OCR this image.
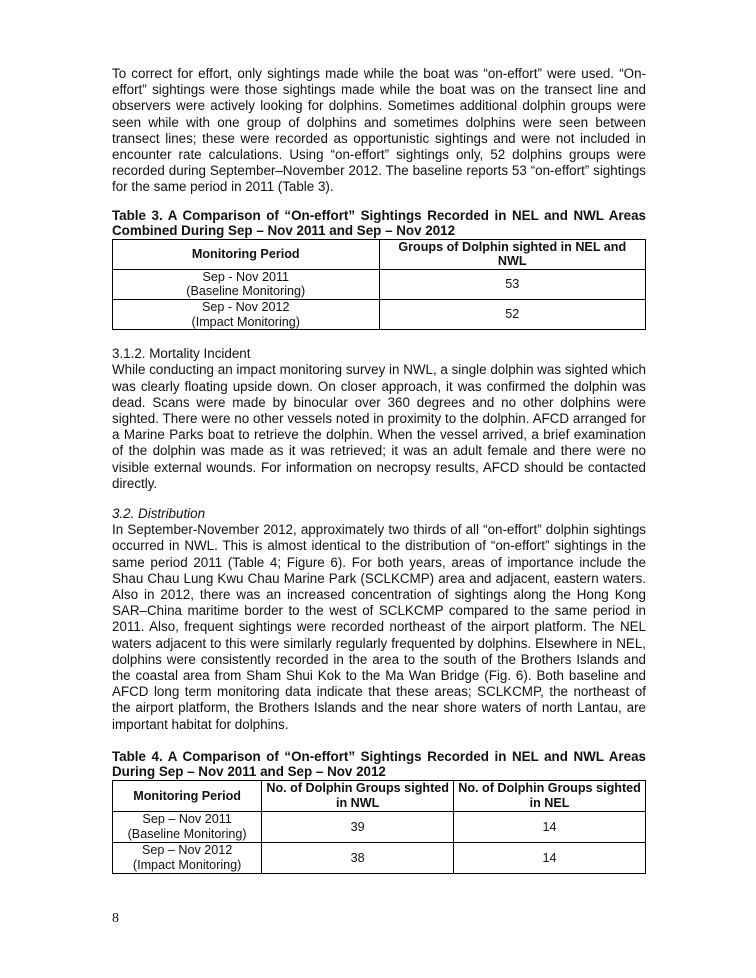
To correct for effort, only sightings made while the boat was “on-effort” were used. “On-effort” sightings were those sightings made while the boat was on the transect line and observers were actively looking for dolphins. Sometimes additional dolphin groups were seen while with one group of dolphins and sometimes dolphins were seen between transect lines; these were recorded as opportunistic sightings and were not included in encounter rate calculations. Using “on-effort” sightings only, 52 dolphins groups were recorded during September–November 2012. The baseline reports 53 “on-effort” sightings for the same period in 2011 (Table 3).

Table 3. A Comparison of “On-effort” Sightings Recorded in NEL and NWL Areas Combined During Sep – Nov 2011 and Sep – Nov 2012

Monitoring Period	Groups of Dolphin sighted in NEL and NWL

Sep - Nov 2011
(Baseline Monitoring)	53

Sep - Nov 2012
(Impact Monitoring)	52

3.1.2. Mortality Incident

While conducting an impact monitoring survey in NWL, a single dolphin was sighted which was clearly floating upside down. On closer approach, it was confirmed the dolphin was dead. Scans were made by binocular over 360 degrees and no other dolphins were sighted. There were no other vessels noted in proximity to the dolphin. AFCD arranged for a Marine Parks boat to retrieve the dolphin. When the vessel arrived, a brief examination of the dolphin was made as it was retrieved; it was an adult female and there were no visible external wounds. For information on necropsy results, AFCD should be contacted directly.

3.2. Distribution

In September-November 2012, approximately two thirds of all “on-effort” dolphin sightings occurred in NWL. This is almost identical to the distribution of “on-effort” sightings in the same period 2011 (Table 4; Figure 6). For both years, areas of importance include the Shau Chau Lung Kwu Chau Marine Park (SCLKCMP) area and adjacent, eastern waters. Also in 2012, there was an increased concentration of sightings along the Hong Kong SAR–China maritime border to the west of SCLKCMP compared to the same period in 2011. Also, frequent sightings were recorded northeast of the airport platform. The NEL waters adjacent to this were similarly regularly frequented by dolphins. Elsewhere in NEL, dolphins were consistently recorded in the area to the south of the Brothers Islands and the coastal area from Sham Shui Kok to the Ma Wan Bridge (Fig. 6). Both baseline and AFCD long term monitoring data indicate that these areas; SCLKCMP, the northeast of the airport platform, the Brothers Islands and the near shore waters of north Lantau, are important habitat for dolphins.

Table 4. A Comparison of “On-effort” Sightings Recorded in NEL and NWL Areas During Sep – Nov 2011 and Sep – Nov 2012

Monitoring Period	No. of Dolphin Groups sighted in NWL	No. of Dolphin Groups sighted in NEL

Sep – Nov 2011
(Baseline Monitoring)	39	14

Sep – Nov 2012
(Impact Monitoring)	38	14
8
